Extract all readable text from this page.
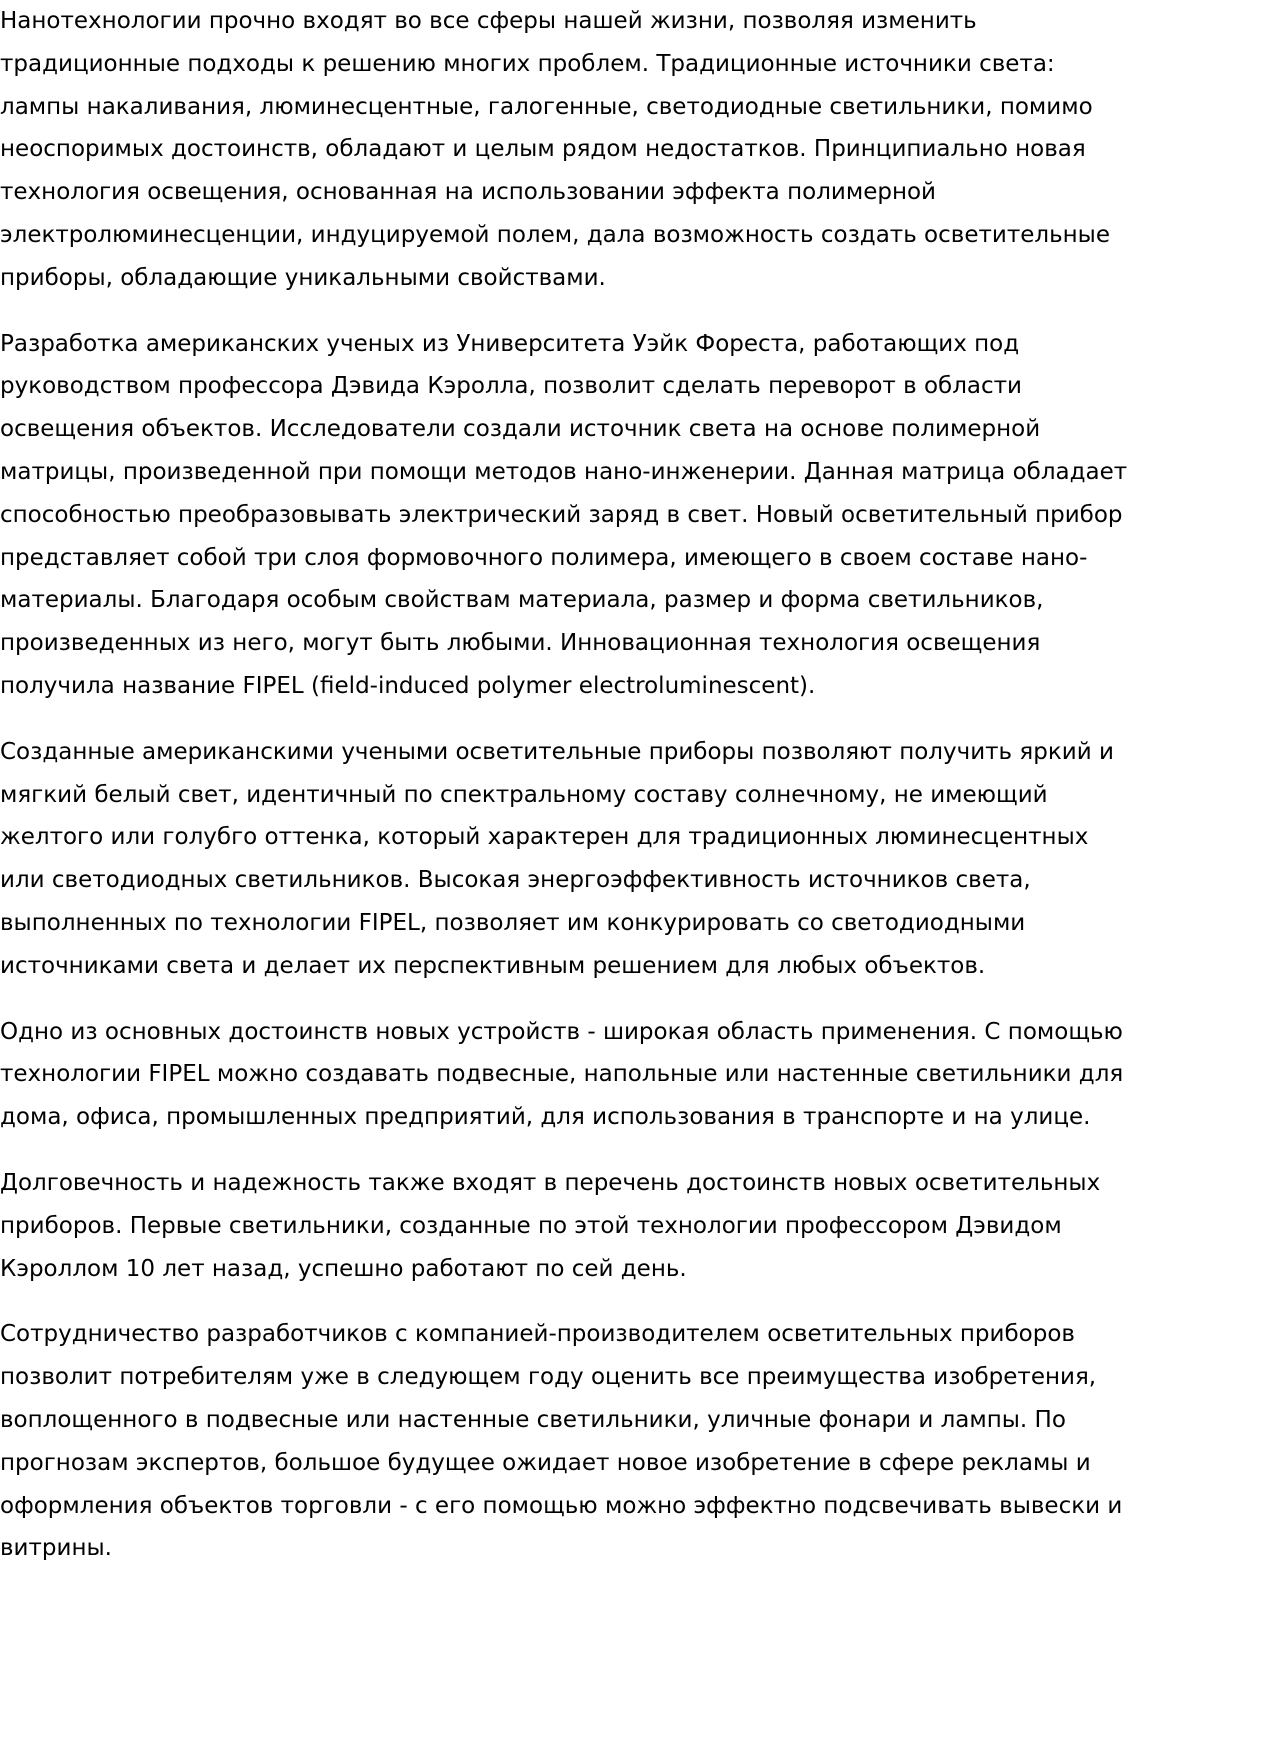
Нанотехнологии прочно входят во все сферы нашей жизни, позволяя изменить традиционные подходы к решению многих проблем. Традиционные источники света: лампы накаливания, люминесцентные, галогенные, светодиодные светильники, помимо неоспоримых достоинств, обладают и целым рядом недостатков. Принципиально новая технология освещения, основанная на использовании эффекта полимерной электролюминесценции, индуцируемой полем, дала возможность создать осветительные приборы, обладающие уникальными свойствами.

Разработка американских ученых из Университета Уэйк Фореста, работающих под руководством профессора Дэвида Кэролла, позволит сделать переворот в области освещения объектов. Исследователи создали источник света на основе полимерной матрицы, произведенной при помощи методов нано-инженерии. Данная матрица обладает способностью преобразовывать электрический заряд в свет. Новый осветительный прибор представляет собой три слоя формовочного полимера, имеющего в своем составе нано-материалы. Благодаря особым свойствам материала, размер и форма светильников, произведенных из него, могут быть любыми. Инновационная технология освещения получила название FIPEL (field-induced polymer electroluminescent).

Созданные американскими учеными осветительные приборы позволяют получить яркий и мягкий белый свет, идентичный по спектральному составу солнечному, не имеющий желтого или голубго оттенка, который характерен для традиционных люминесцентных или светодиодных светильников. Высокая энергоэффективность источников света, выполненных по технологии FIPEL, позволяет им конкурировать со светодиодными источниками света и делает их перспективным решением для любых объектов.

Одно из основных достоинств новых устройств - широкая область применения. С помощью технологии FIPEL можно создавать подвесные, напольные или настенные светильники для дома, офиса, промышленных предприятий, для использования в транспорте и на улице.

Долговечность и надежность также входят в перечень достоинств новых осветительных приборов. Первые светильники, созданные по этой технологии профессором Дэвидом Кэроллом 10 лет назад, успешно работают по сей день.

Сотрудничество разработчиков с компанией-производителем осветительных приборов позволит потребителям уже в следующем году оценить все преимущества изобретения, воплощенного в подвесные или настенные светильники, уличные фонари и лампы. По прогнозам экспертов, большое будущее ожидает новое изобретение в сфере рекламы и оформления объектов торговли - с его помощью можно эффектно подсвечивать вывески и витрины.
